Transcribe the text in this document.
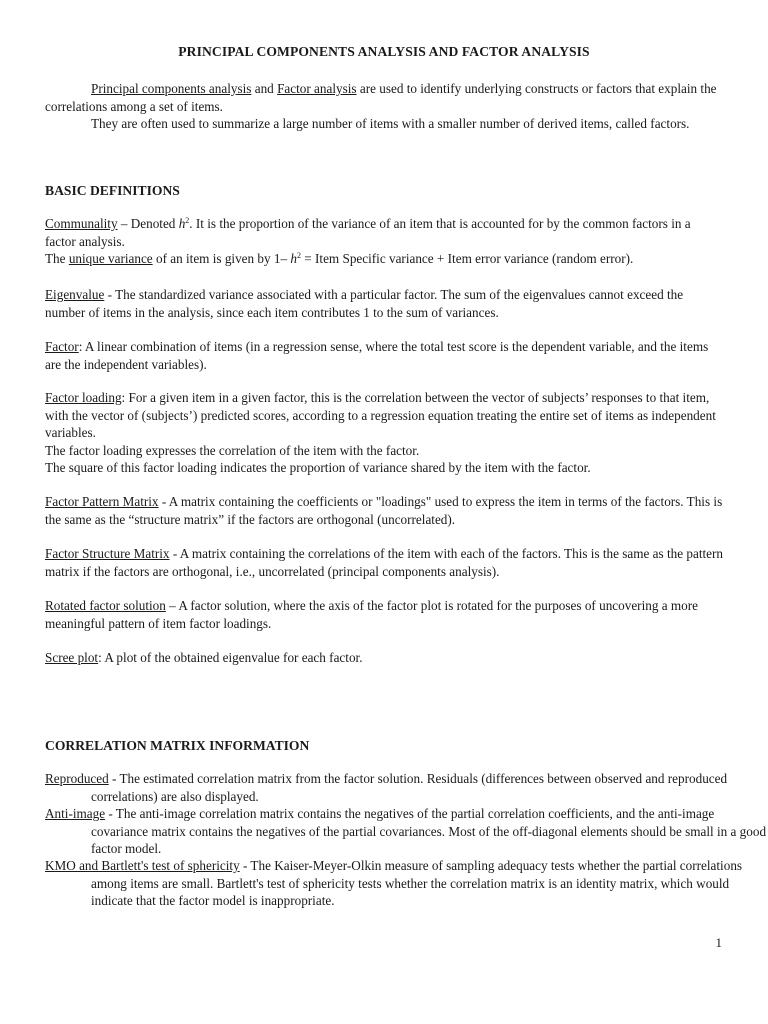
PRINCIPAL COMPONENTS ANALYSIS AND FACTOR ANALYSIS

Principal components analysis and Factor analysis are used to identify underlying constructs or factors that explain the correlations among a set of items.

They are often used to summarize a large number of items with a smaller number of derived items, called factors.

BASIC DEFINITIONS

Communality – Denoted $h^2$. It is the proportion of the variance of an item that is accounted for by the common factors in a factor analysis.
The unique variance of an item is given by 1– $h^2$ = Item Specific variance + Item error variance (random error).

Eigenvalue - The standardized variance associated with a particular factor. The sum of the eigenvalues cannot exceed the number of items in the analysis, since each item contributes 1 to the sum of variances.

Factor: A linear combination of items (in a regression sense, where the total test score is the dependent variable, and the items are the independent variables).

Factor loading: For a given item in a given factor, this is the correlation between the vector of subjects’ responses to that item, with the vector of (subjects’) predicted scores, according to a regression equation treating the entire set of items as independent variables.
The factor loading expresses the correlation of the item with the factor.
The square of this factor loading indicates the proportion of variance shared by the item with the factor.

Factor Pattern Matrix - A matrix containing the coefficients or "loadings" used to express the item in terms of the factors. This is the same as the “structure matrix” if the factors are orthogonal (uncorrelated).

Factor Structure Matrix - A matrix containing the correlations of the item with each of the factors. This is the same as the pattern matrix if the factors are orthogonal, i.e., uncorrelated (principal components analysis).

Rotated factor solution – A factor solution, where the axis of the factor plot is rotated for the purposes of uncovering a more meaningful pattern of item factor loadings.

Scree plot: A plot of the obtained eigenvalue for each factor.

CORRELATION MATRIX INFORMATION

Reproduced - The estimated correlation matrix from the factor solution. Residuals (differences between observed and reproduced correlations) are also displayed.

Anti-image - The anti-image correlation matrix contains the negatives of the partial correlation coefficients, and the anti-image covariance matrix contains the negatives of the partial covariances. Most of the off-diagonal elements should be small in a good factor model.

KMO and Bartlett's test of sphericity - The Kaiser-Meyer-Olkin measure of sampling adequacy tests whether the partial correlations among items are small. Bartlett's test of sphericity tests whether the correlation matrix is an identity matrix, which would indicate that the factor model is inappropriate.

1
